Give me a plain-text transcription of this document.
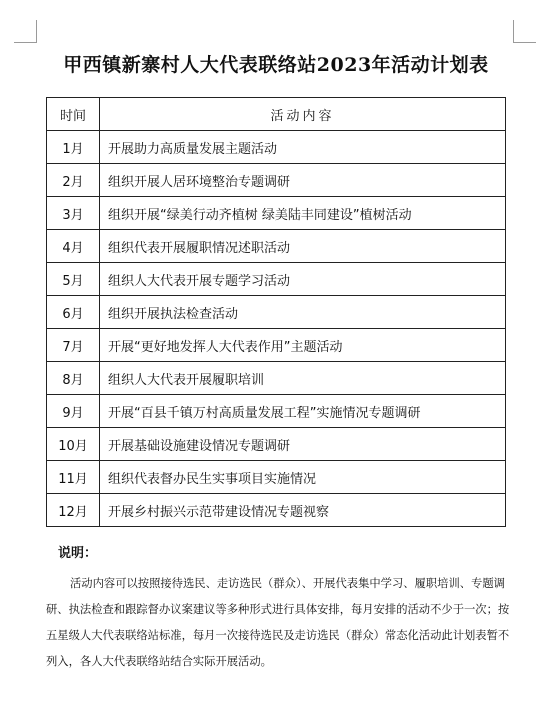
甲西镇新寨村人大代表联络站2023年活动计划表
时间	活动内容
1月	开展助力高质量发展主题活动
2月	组织开展人居环境整治专题调研
3月	组织开展“绿美行动齐植树 绿美陆丰同建设”植树活动
4月	组织代表开展履职情况述职活动
5月	组织人大代表开展专题学习活动
6月	组织开展执法检查活动
7月	开展“更好地发挥人大代表作用”主题活动
8月	组织人大代表开展履职培训
9月	开展“百县千镇万村高质量发展工程”实施情况专题调研
10月	开展基础设施建设情况专题调研
11月	组织代表督办民生实事项目实施情况
12月	开展乡村振兴示范带建设情况专题视察
说明：

活动内容可以按照接待选民、走访选民（群众）、开展代表集中学习、履职培训、专题调研、执法检查和跟踪督办议案建议等多种形式进行具体安排，每月安排的活动不少于一次；按五星级人大代表联络站标准，每月一次接待选民及走访选民（群众）常态化活动此计划表暂不列入，各人大代表联络站结合实际开展活动。
